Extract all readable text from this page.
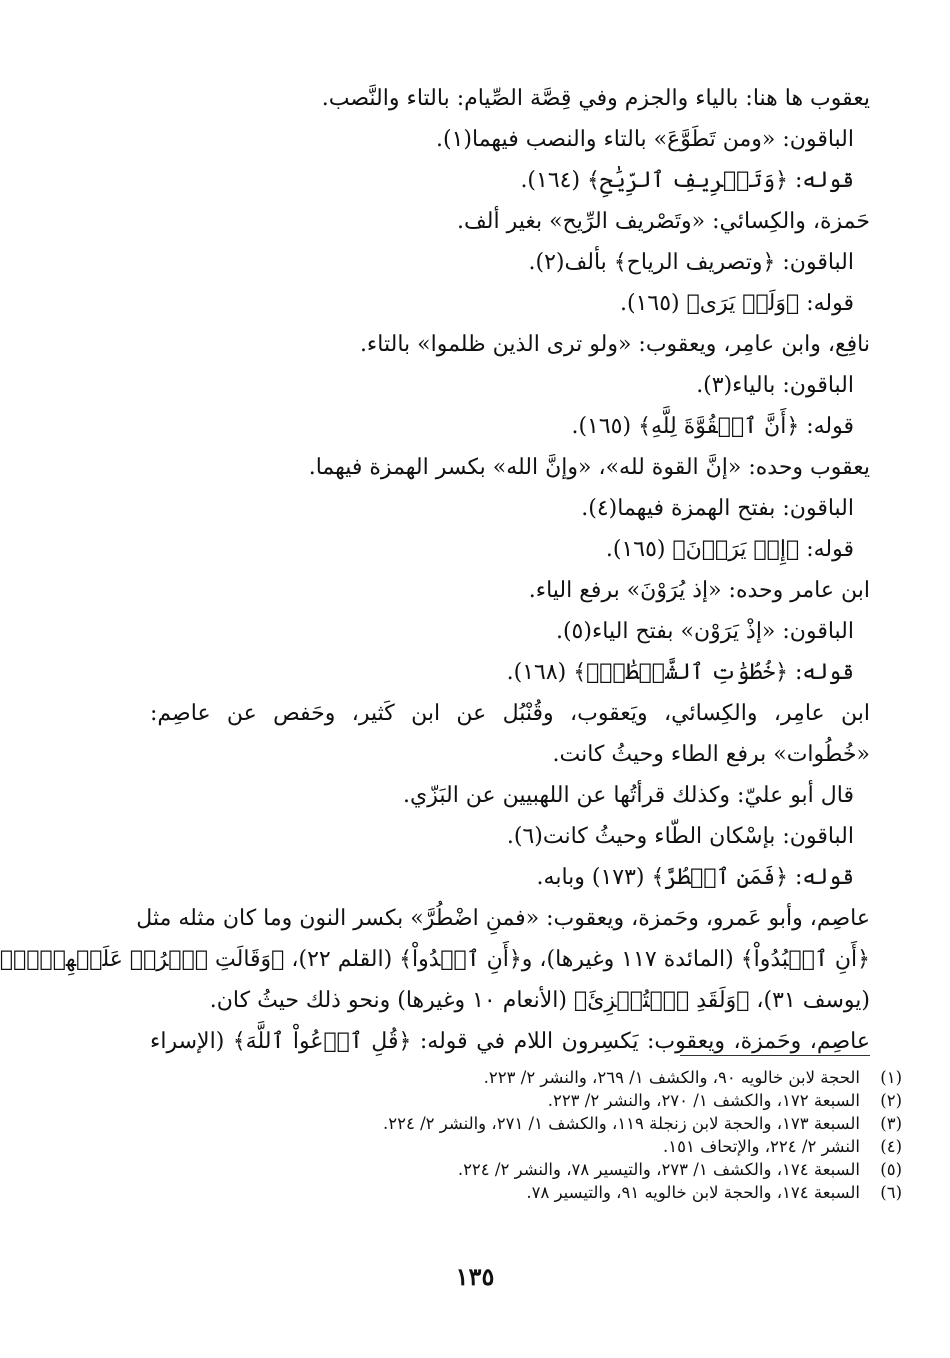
يعقوب ها هنا: بالياء والجزم وفي قِصَّة الصِّيام: بالتاء والنَّصب.
الباقون: «ومن تَطَوَّعَ» بالتاء والنصب فيهما(١).
قوله: ﴿وَتَصۡرِيفِ ٱلرِّيَٰحِ﴾ (١٦٤).
حَمزة، والكِسائي: «وتَصْريف الرِّيح» بغير ألف.
الباقون: ﴿وتصريف الرياح﴾ بألف(٢).
قوله: ﴿وَلَوۡ يَرَى﴾ (١٦٥).
نافِع، وابن عامِر، ويعقوب: «ولو ترى الذين ظلموا» بالتاء.
الباقون: بالياء(٣).
قوله: ﴿أَنَّ ٱلۡقُوَّةَ لِلَّهِ﴾ (١٦٥).
يعقوب وحده: «إنَّ القوة لله»، «وإنَّ الله» بكسر الهمزة فيهما.
الباقون: بفتح الهمزة فيهما(٤).
قوله: ﴿إِذۡ يَرَوۡنَ﴾ (١٦٥).
ابن عامر وحده: «إذ يُرَوْنَ» برفع الياء.
الباقون: «إذْ يَرَوْن» بفتح الياء(٥).
قوله: ﴿خُطُوَٰتِ ٱلشَّيۡطَٰنِۚ﴾ (١٦٨).
ابن عامِر، والكِسائي، ويَعقوب، وقُنْبُل عن ابن كَثير، وحَفص عن عاصِم:
«خُطُوات» برفع الطاء وحيثُ كانت.
قال أبو عليّ: وكذلك قرأتُها عن اللهبيين عن البَزّي.
الباقون: بإسْكان الطّاء وحيثُ كانت(٦).
قوله: ﴿فَمَنِ ٱضۡطُرَّ﴾ (١٧٣) وبابه.
عاصِم، وأبو عَمرو، وحَمزة، ويعقوب: «فمنِ اضْطُرَّ» بكسر النون وما كان مثله مثل
﴿أَنِ ٱعۡبُدُواْ﴾ (المائدة ١١٧ وغيرها)، و﴿أَنِ ٱغۡدُواْ﴾ (القلم ٢٢)، ﴿وَقَالَتِ ٱخۡرُجۡ عَلَيۡهِنَّۖ﴾
(يوسف ٣١)، ﴿وَلَقَدِ ٱسۡتُهۡزِئَ﴾ (الأنعام ١٠ وغيرها) ونحو ذلك حيثُ كان.
عاصِم، وحَمزة، ويعقوب: يَكسِرون اللام في قوله: ﴿قُلِ ٱدۡعُواْ ٱللَّهَ﴾ (الإسراء
(١)الحجة لابن خالويه ٩٠، والكشف ١/ ٢٦٩، والنشر ٢/ ٢٢٣.
(٢)السبعة ١٧٢، والكشف ١/ ٢٧٠، والنشر ٢/ ٢٢٣.
(٣)السبعة ١٧٣، والحجة لابن زنجلة ١١٩، والكشف ١/ ٢٧١، والنشر ٢/ ٢٢٤.
(٤)النشر ٢/ ٢٢٤، والإتحاف ١٥١.
(٥)السبعة ١٧٤، والكشف ١/ ٢٧٣، والتيسير ٧٨، والنشر ٢/ ٢٢٤.
(٦)السبعة ١٧٤، والحجة لابن خالويه ٩١، والتيسير ٧٨.
١٣٥
